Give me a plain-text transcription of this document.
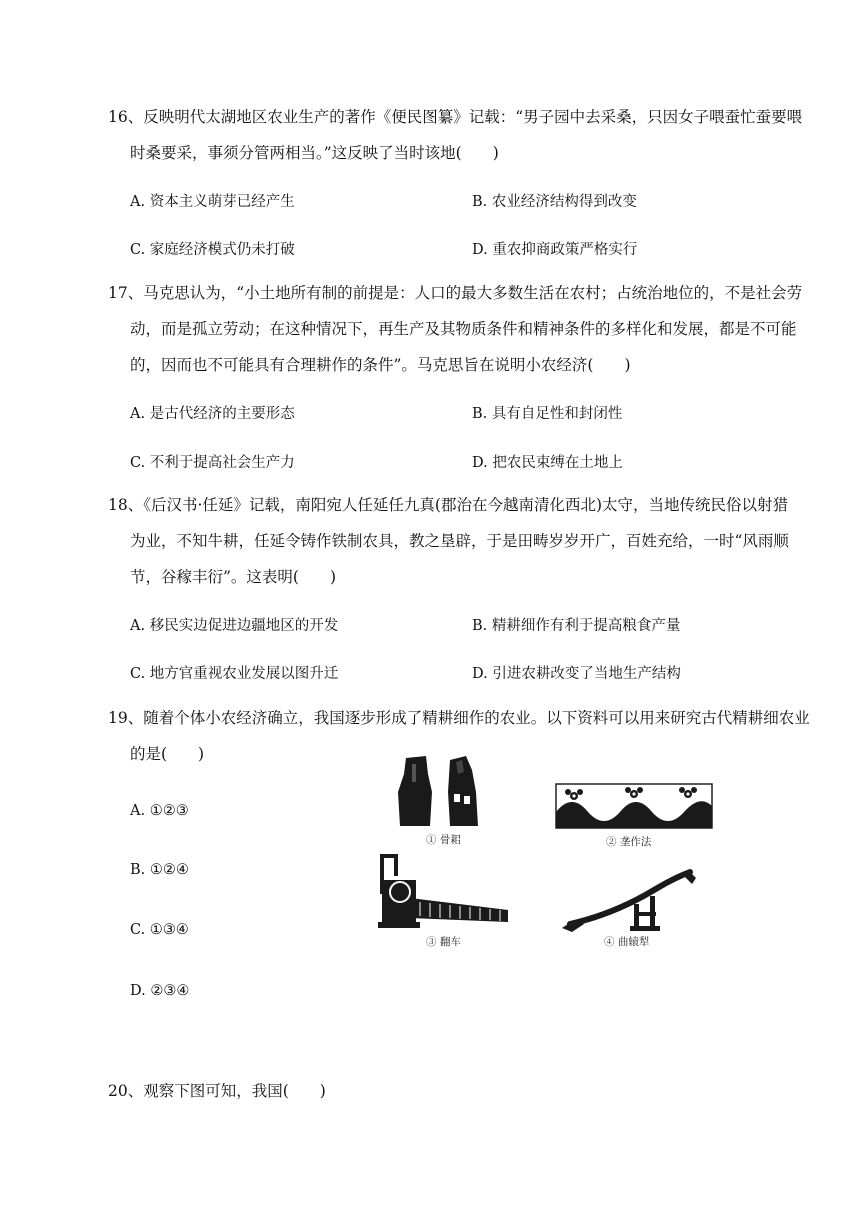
16、反映明代太湖地区农业生产的著作《便民图纂》记载：“男子园中去采桑，只因女子喂蚕忙蚕要喂
时桑要采，事须分管两相当。”这反映了当时该地(　　)
A. 资本主义萌芽已经产生	B. 农业经济结构得到改变
C. 家庭经济模式仍未打破	D. 重农抑商政策严格实行
17、马克思认为，“小土地所有制的前提是：人口的最大多数生活在农村；占统治地位的，不是社会劳
动，而是孤立劳动；在这种情况下，再生产及其物质条件和精神条件的多样化和发展，都是不可能
的，因而也不可能具有合理耕作的条件”。马克思旨在说明小农经济(　　)
A. 是古代经济的主要形态	B. 具有自足性和封闭性
C. 不利于提高社会生产力	D. 把农民束缚在土地上
18、《后汉书·任延》记载，南阳宛人任延任九真(郡治在今越南清化西北)太守，当地传统民俗以射猎
为业，不知牛耕，任延令铸作铁制农具，教之垦辟，于是田畴岁岁开广，百姓充给，一时“风雨顺
节，谷稼丰衍”。这表明(　　)
A. 移民实边促进边疆地区的开发	B. 精耕细作有利于提高粮食产量
C. 地方官重视农业发展以图升迁	D. 引进农耕改变了当地生产结构
19、随着个体小农经济确立，我国逐步形成了精耕细作的农业。以下资料可以用来研究古代精耕细农业
的是(　　)
A. ①②③
B. ①②④
C. ①③④
D. ②③④
① 骨耜	② 垄作法
③ 翻车	④ 曲辕犁
20、观察下图可知，我国(　　)
